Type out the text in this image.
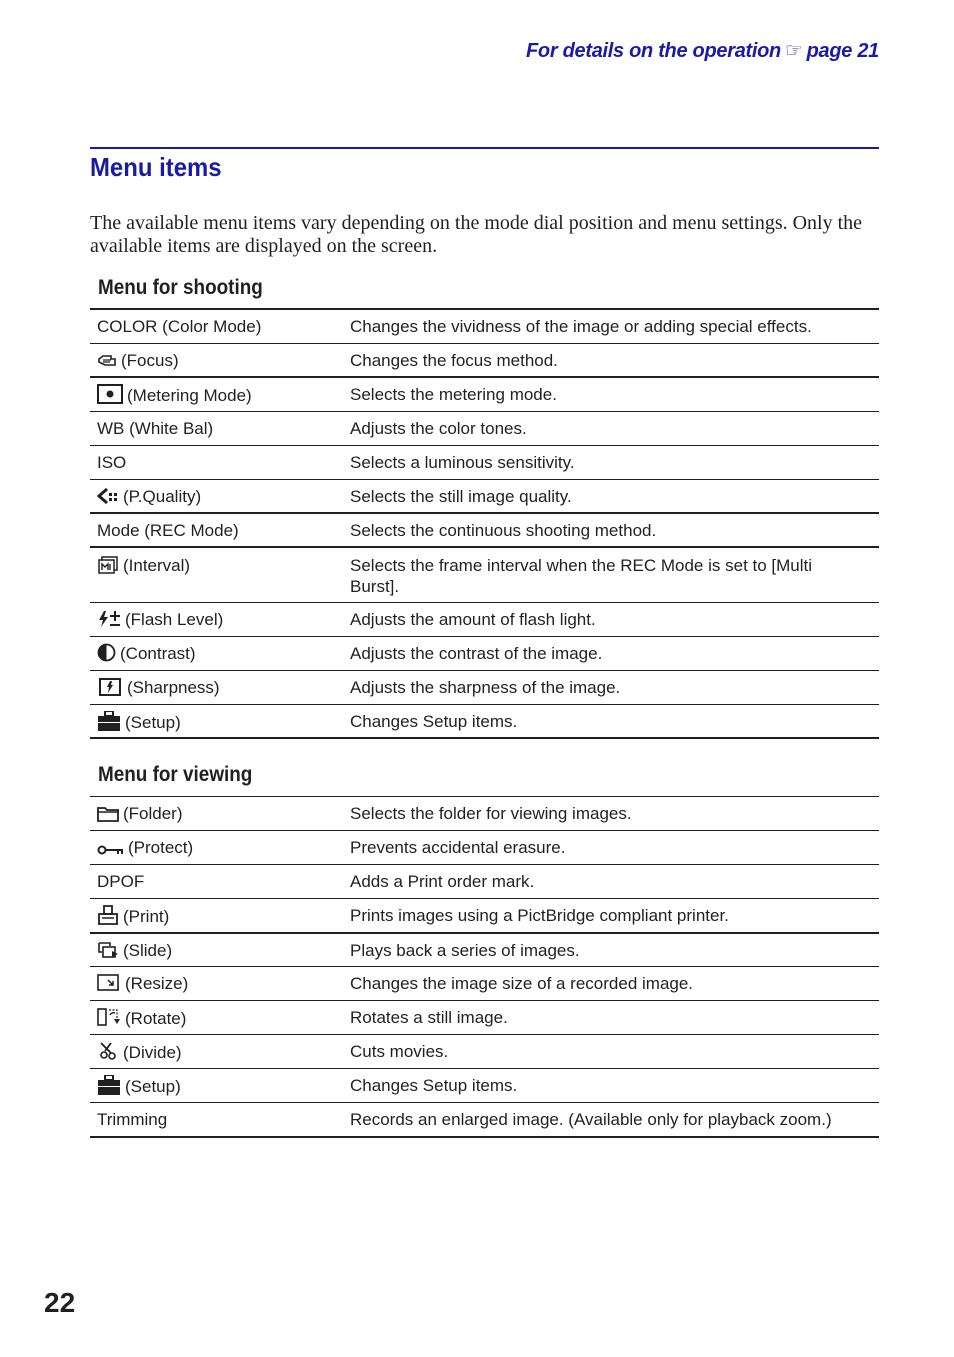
For details on the operation ☞ page 21
Menu items
The available menu items vary depending on the mode dial position and menu settings. Only the available items are displayed on the screen.
Menu for shooting
COLOR (Color Mode)	Changes the vividness of the image or adding special effects.

(Focus)	Changes the focus method.

(Metering Mode)	Selects the metering mode.
WB (White Bal)	Adjusts the color tones.
ISO	Selects a luminous sensitivity.

(P.Quality)	Selects the still image quality.
Mode (REC Mode)	Selects the continuous shooting method.

(Interval)	Selects the frame interval when the REC Mode is set to [Multi Burst].

(Flash Level)	Adjusts the amount of flash light.

(Contrast)	Adjusts the contrast of the image.

(Sharpness)	Adjusts the sharpness of the image.

(Setup)	Changes Setup items.
Menu for viewing
(Folder)	Selects the folder for viewing images.

(Protect)	Prevents accidental erasure.
DPOF	Adds a Print order mark.

(Print)	Prints images using a PictBridge compliant printer.

(Slide)	Plays back a series of images.

(Resize)	Changes the image size of a recorded image.

(Rotate)	Rotates a still image.

(Divide)	Cuts movies.

(Setup)	Changes Setup items.
Trimming	Records an enlarged image. (Available only for playback zoom.)
22
